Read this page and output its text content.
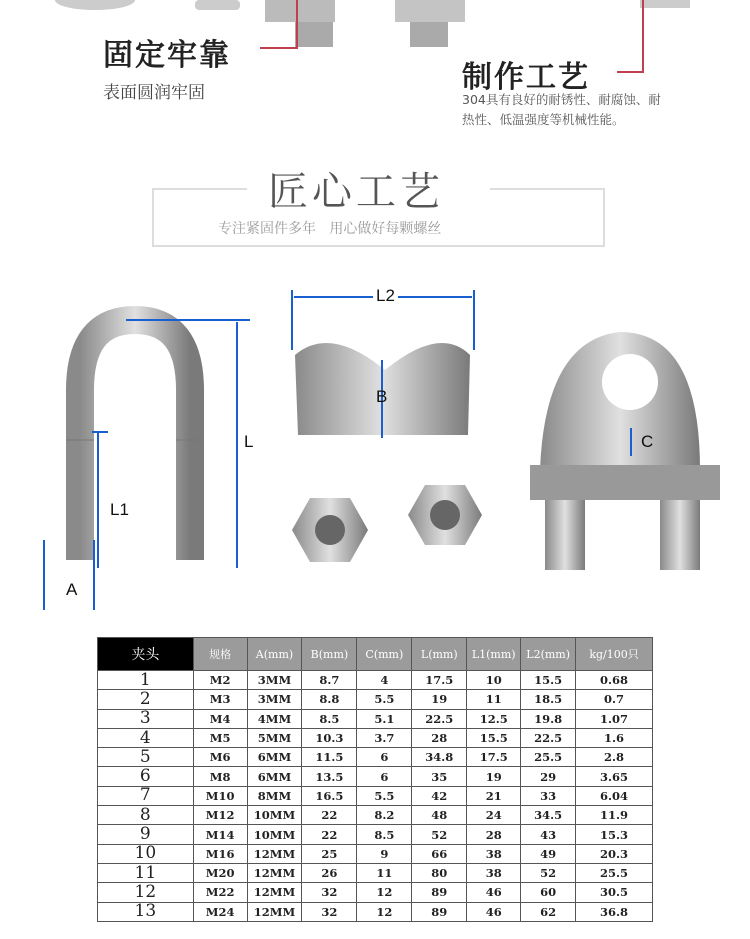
固定牢靠
表面圆润牢固	制作工艺
304具有良好的耐锈性、耐腐蚀、耐
热性、低温强度等机械性能。
匠心工艺
专注紧固件多年   用心做好每颗螺丝
A
L1
L
L2
B
C
夹头	规格	A(mm)	B(mm)	C(mm)	L(mm)	L1(mm)	L2(mm)	kg/100只
1	M2	3MM	8.7	4	17.5	10	15.5	0.68
2	M3	3MM	8.8	5.5	19	11	18.5	0.7
3	M4	4MM	8.5	5.1	22.5	12.5	19.8	1.07
4	M5	5MM	10.3	3.7	28	15.5	22.5	1.6
5	M6	6MM	11.5	6	34.8	17.5	25.5	2.8
6	M8	6MM	13.5	6	35	19	29	3.65
7	M10	8MM	16.5	5.5	42	21	33	6.04
8	M12	10MM	22	8.2	48	24	34.5	11.9
9	M14	10MM	22	8.5	52	28	43	15.3
10	M16	12MM	25	9	66	38	49	20.3
11	M20	12MM	26	11	80	38	52	25.5
12	M22	12MM	32	12	89	46	60	30.5
13	M24	12MM	32	12	89	46	62	36.8
